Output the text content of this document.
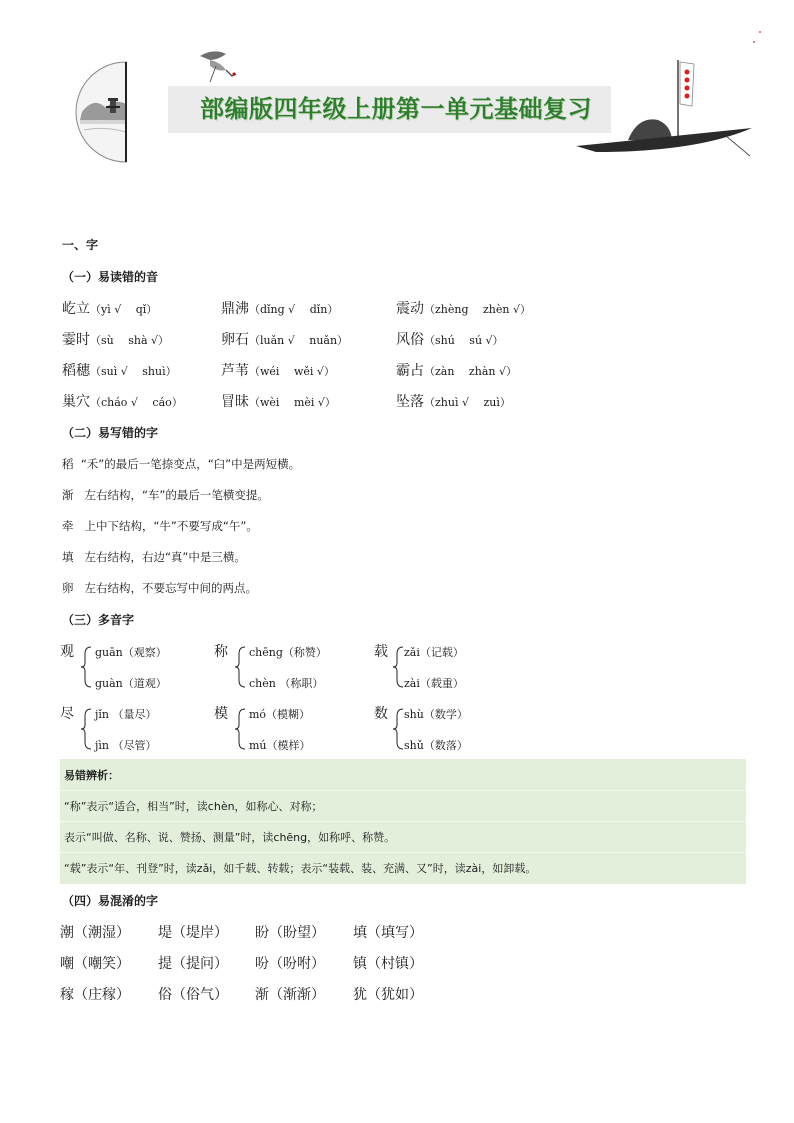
部编版四年级上册第一单元基础复习
一、字
（一）易读错的音
屹立（yì √　 qǐ）	鼎沸（dǐng √　 dǐn）	震动（zhèng　 zhèn √）
霎时（sù　 shà √）	卵石（luǎn √　 nuǎn）	风俗（shú　 sú √）
稻穗（suì √　 shuì）	芦苇（wéi　 wěi √）	霸占（zàn　 zhàn √）
巢穴（cháo √　 cáo）	冒昧（wèi　 mèi √）	坠落（zhuì √　 zuì）
（二）易写错的字
稻 “禾”的最后一笔捺变点，“臼”中是两短横。
渐 左右结构，“车”的最后一笔横变提。
牵 上中下结构，“牛”不要写成“午”。
填 左右结构，右边“真”中是三横。
卵 左右结构，不要忘写中间的两点。
（三）多音字
观 guān（观察）
guàn（道观）
称 chēng（称赞）
chèn （称职）
载 zǎi（记载）
zài（载重）
尽 jǐn （量尽）
jìn （尽管）
模 mó（模糊）
mú（模样）
数 shù（数学）
shǔ（数落）
易错辨析：
“称”表示“适合，相当”时，读chèn，如称心、对称；
表示“叫做、名称、说、赞扬、测量”时，读chēng，如称呼、称赞。
“载”表示“年、刊登”时，读zǎi，如千载、转载；表示“装载、装、充满、又”时，读zài，如卸载。
（四）易混淆的字
潮（潮湿） 堤（堤岸） 盼（盼望） 填（填写）
嘲（嘲笑） 提（提问） 吩（吩咐） 镇（村镇）
稼（庄稼） 俗（俗气） 渐（渐渐） 犹（犹如）
